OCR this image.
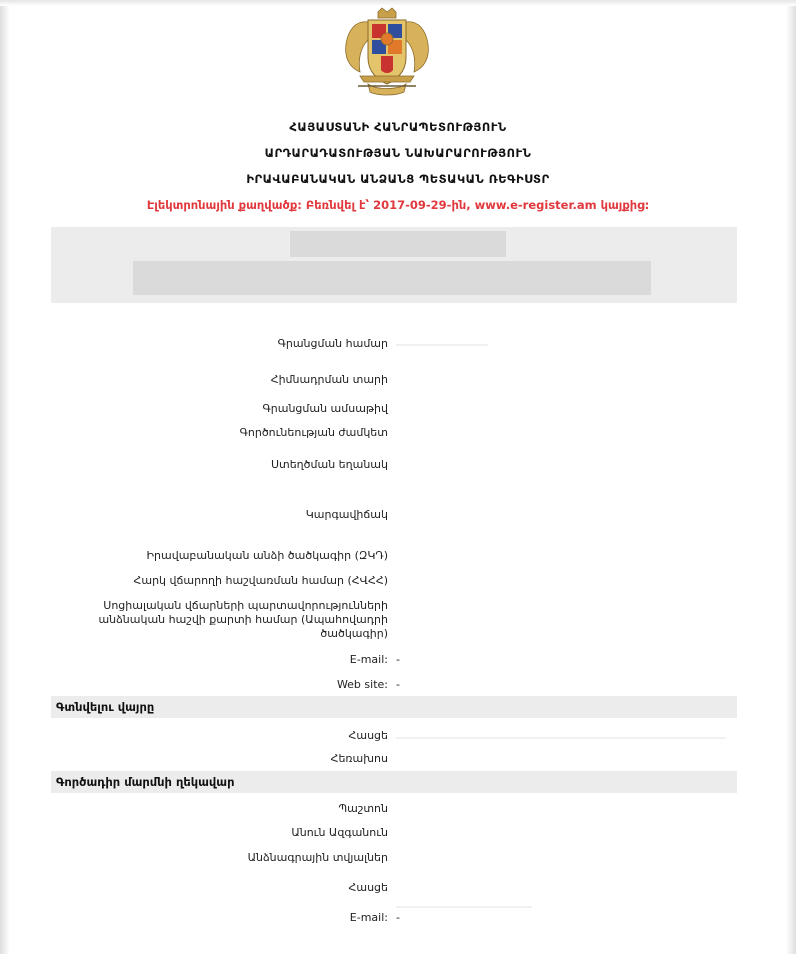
ՀԱՅԱՍՏԱՆԻ ՀԱՆՐԱՊԵՏՈՒԹՅՈՒՆ
ԱՐԴԱՐԱԴԱՏՈՒԹՅԱՆ ՆԱԽԱՐԱՐՈՒԹՅՈՒՆ
ԻՐԱՎԱԲԱՆԱԿԱՆ ԱՆՁԱՆՑ ՊԵՏԱԿԱՆ ՌԵԳԻՍՏՐ
Էլեկտրոնային քաղվածք: Բեռնվել է՝ 2017-09-29-ին, www.e-register.am կայքից:
Գրանցման համար
Հիմնադրման տարի
Գրանցման ամսաթիվ
Գործունեության ժամկետ
Ստեղծման եղանակ
Կարգավիճակ
Իրավաբանական անձի ծածկագիր (ԶԿԴ)
Հարկ վճարողի հաշվառման համար (ՀՎՀՀ)
Սոցիալական վճարների պարտավորությունների
անձնական հաշվի քարտի համար (Ապահովադրի
ծածկագիր)
E-mail: -
Web site: -
Գտնվելու վայրը
Հասցե
Հեռախոս
Գործադիր մարմնի ղեկավար
Պաշտոն
Անուն Ազգանուն
Անձնագրային տվյալներ
Հասցե
E-mail: -
